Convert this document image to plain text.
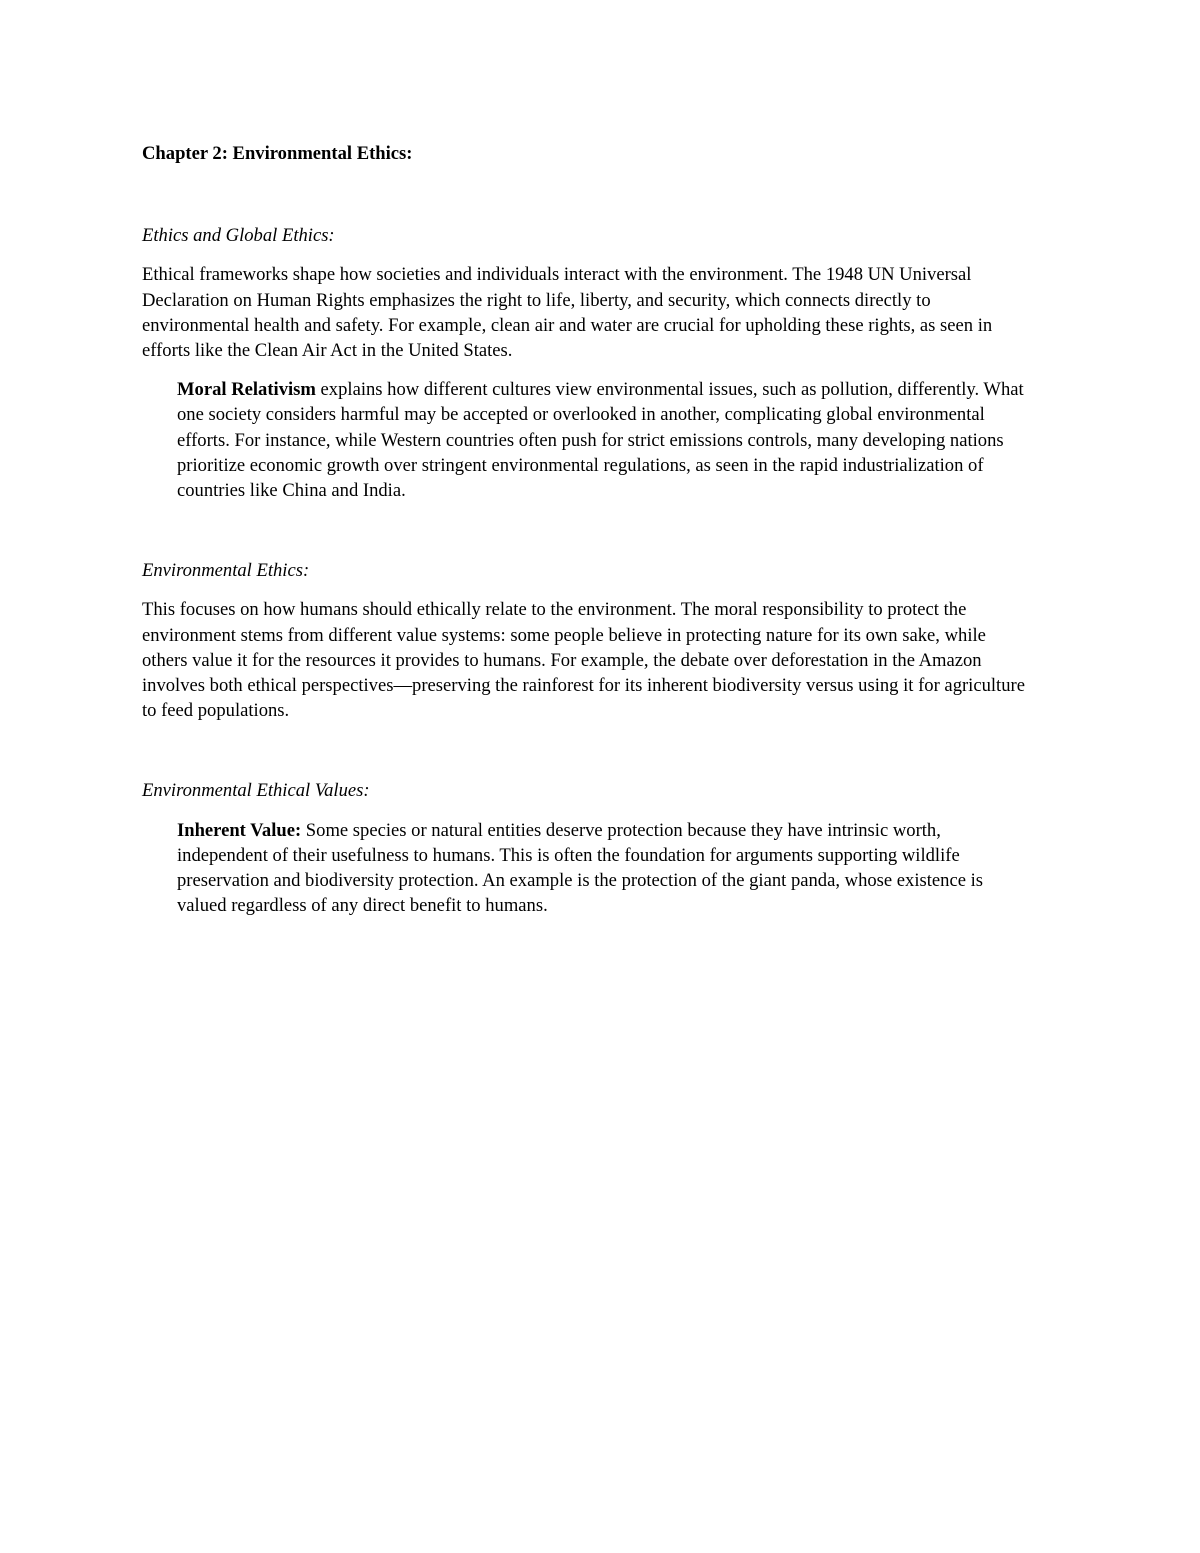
Chapter 2: Environmental Ethics:

Ethics and Global Ethics:

Ethical frameworks shape how societies and individuals interact with the environment. The 1948 UN Universal Declaration on Human Rights emphasizes the right to life, liberty, and security, which connects directly to environmental health and safety. For example, clean air and water are crucial for upholding these rights, as seen in efforts like the Clean Air Act in the United States.

Moral Relativism explains how different cultures view environmental issues, such as pollution, differently. What one society considers harmful may be accepted or overlooked in another, complicating global environmental efforts. For instance, while Western countries often push for strict emissions controls, many developing nations prioritize economic growth over stringent environmental regulations, as seen in the rapid industrialization of countries like China and India.

Environmental Ethics:

This focuses on how humans should ethically relate to the environment. The moral responsibility to protect the environment stems from different value systems: some people believe in protecting nature for its own sake, while others value it for the resources it provides to humans. For example, the debate over deforestation in the Amazon involves both ethical perspectives—preserving the rainforest for its inherent biodiversity versus using it for agriculture to feed populations.

Environmental Ethical Values:

Inherent Value: Some species or natural entities deserve protection because they have intrinsic worth, independent of their usefulness to humans. This is often the foundation for arguments supporting wildlife preservation and biodiversity protection. An example is the protection of the giant panda, whose existence is valued regardless of any direct benefit to humans.
